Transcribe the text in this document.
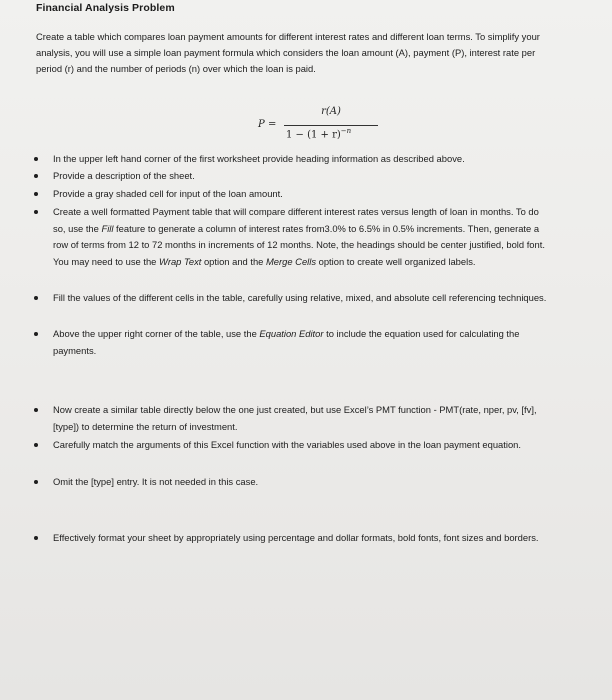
Financial Analysis Problem
Create a table which compares loan payment amounts for different interest rates and different loan terms. To simplify your analysis, you will use a simple loan payment formula which considers the loan amount (A), payment (P), interest rate per period (r) and the number of periods (n) over which the loan is paid.
P =
r(A)
$1 - (1 + r)^{-n}$
In the upper left hand corner of the first worksheet provide heading information as described above.
Provide a description of the sheet.
Provide a gray shaded cell for input of the loan amount.
Create a well formatted Payment table that will compare different interest rates versus length of loan in months. To do so, use the Fill feature to generate a column of interest rates from3.0% to 6.5% in 0.5% increments. Then, generate a row of terms from 12 to 72 months in increments of 12 months. Note, the headings should be center justified, bold font. You may need to use the Wrap Text option and the Merge Cells option to create well organized labels.
Fill the values of the different cells in the table, carefully using relative, mixed, and absolute cell referencing techniques.
Above the upper right corner of the table, use the Equation Editor to include the equation used for calculating the payments.
Now create a similar table directly below the one just created, but use Excel’s PMT function - PMT(rate, nper, pv, [fv],[type]) to determine the return of investment.
Carefully match the arguments of this Excel function with the variables used above in the loan payment equation.
Omit the [type] entry. It is not needed in this case.
Effectively format your sheet by appropriately using percentage and dollar formats, bold fonts, font sizes and borders.
